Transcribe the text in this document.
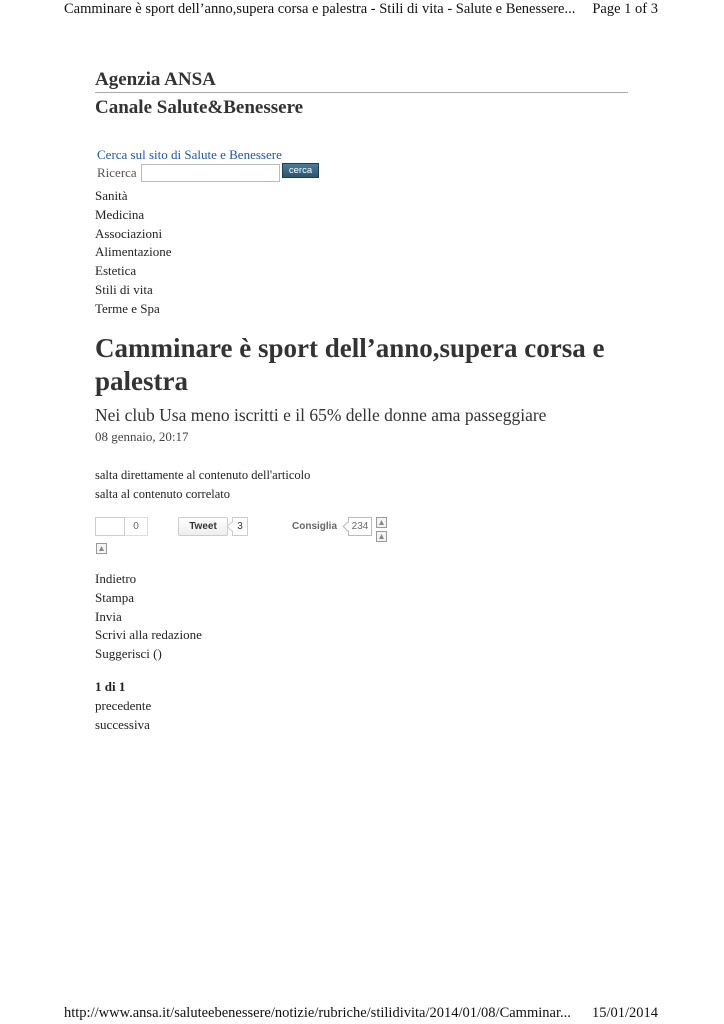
Camminare è sport dell’anno,supera corsa e palestra - Stili di vita - Salute e Benessere... Page 1 of 3
Agenzia ANSA
Canale Salute&Benessere
Cerca sul sito di Salute e Benessere
Ricerca	cerca
Sanità
Medicina
Associazioni
Alimentazione
Estetica
Stili di vita
Terme e Spa
Camminare è sport dell’anno,supera corsa e palestra
Nei club Usa meno iscritti e il 65% delle donne ama passeggiare
08 gennaio, 20:17
salta direttamente al contenuto dell'articolo
salta al contenuto correlato
0	Tweet	3	Consiglia	234
Indietro
Stampa
Invia
Scrivi alla redazione
Suggerisci ()
1 di 1
precedente
successiva
http://www.ansa.it/saluteebenessere/notizie/rubriche/stilidivita/2014/01/08/Camminar... 15/01/2014
